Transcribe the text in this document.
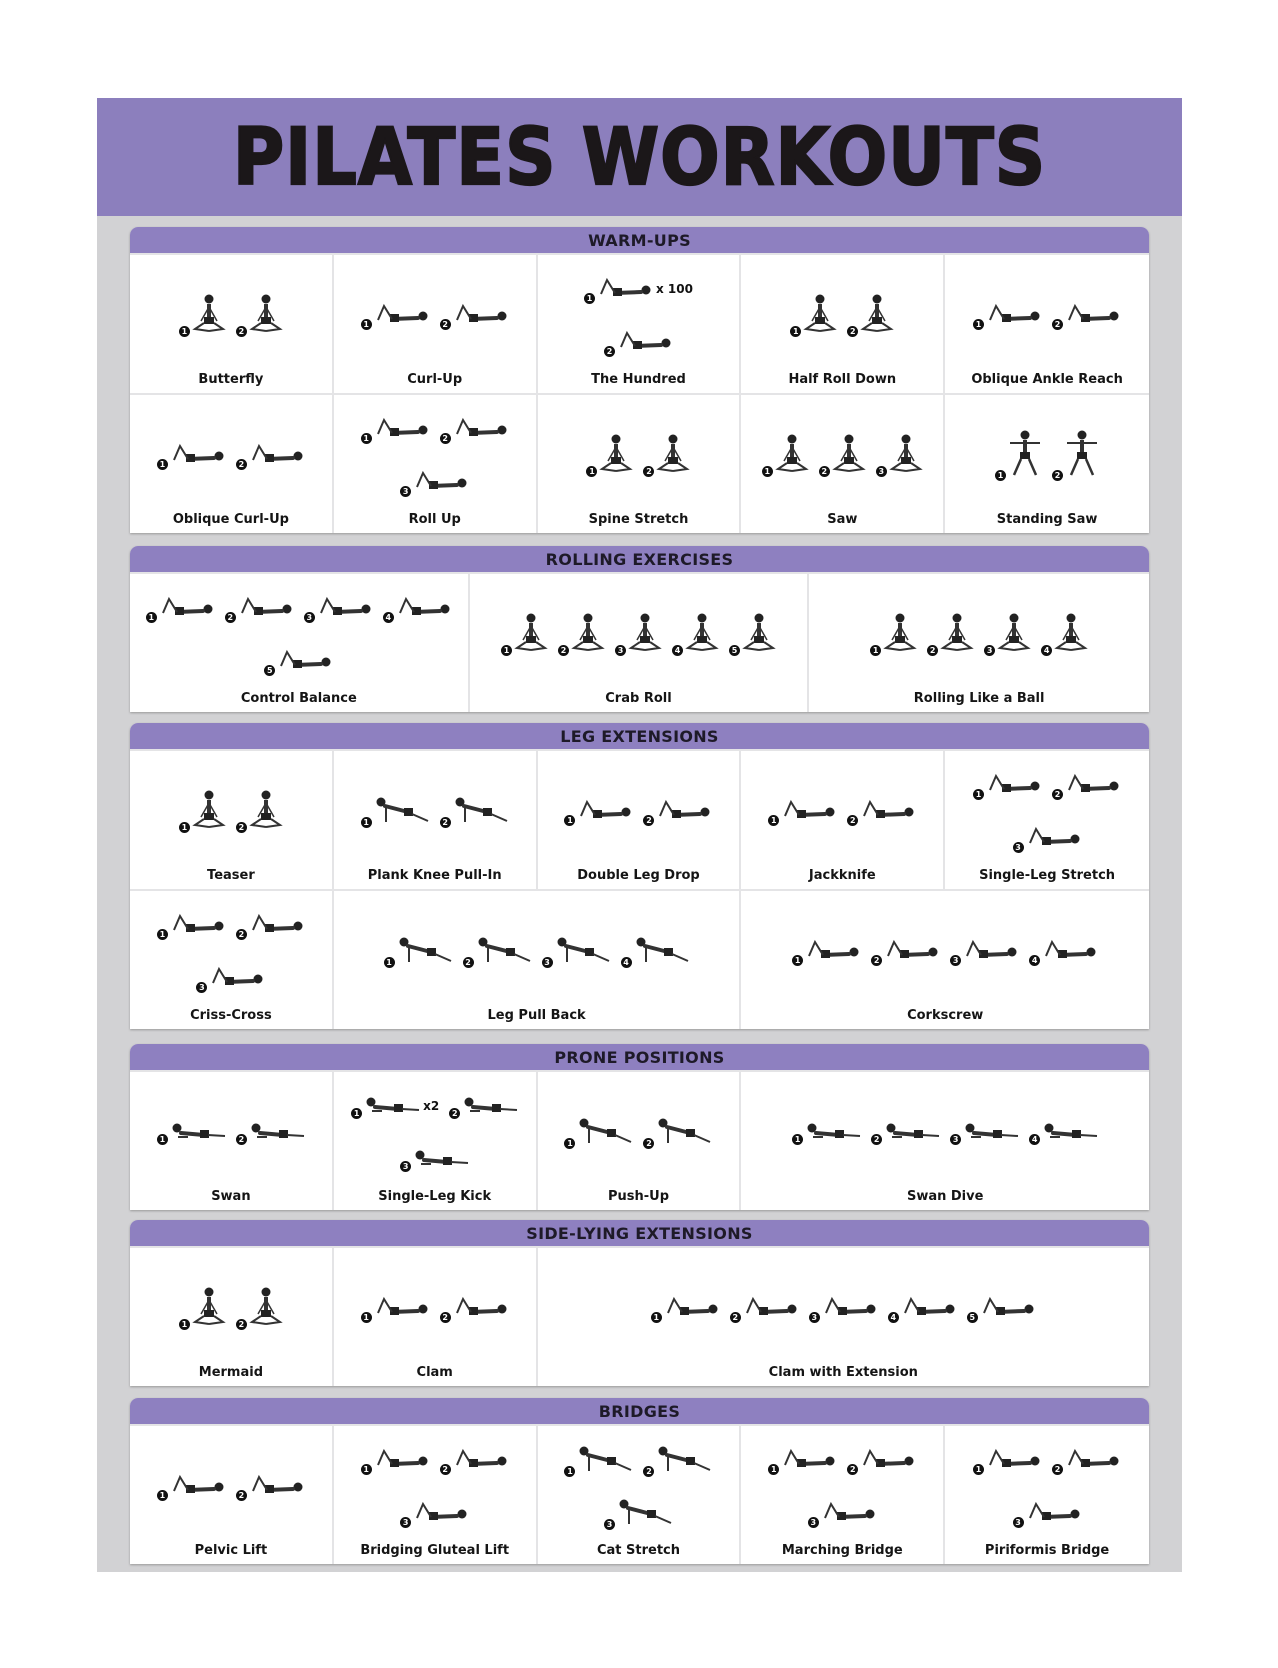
PILATES WORKOUTS
WARM-UPS
1	2
Butterfly
1	2
Curl-Up
1
x 100
2
The Hundred
1	2
Half Roll Down
1	2
Oblique Ankle Reach
1	2
Oblique Curl-Up
1	2
3
Roll Up
1	2
Spine Stretch
1	2	3
Saw
1	2
Standing Saw
ROLLING EXERCISES
1	2	3	4
5
Control Balance
1	2	3	4	5
Crab Roll
1	2	3	4
Rolling Like a Ball
LEG EXTENSIONS
1	2
Teaser
1	2
Plank Knee Pull-In
1	2
Double Leg Drop
1	2
Jackknife
1	2
3
Single-Leg Stretch
1	2
3
Criss-Cross
1	2	3	4
Leg Pull Back
1	2	3	4
Corkscrew
PRONE POSITIONS
1	2
Swan
1
x2
2
3
Single-Leg Kick
1	2
Push-Up
1	2	3	4
Swan Dive
SIDE-LYING EXTENSIONS
1	2
Mermaid
1	2
Clam
1	2	3	4	5
Clam with Extension
BRIDGES
1	2
Pelvic Lift
1	2
3
Bridging Gluteal Lift
1	2
3
Cat Stretch
1	2
3
Marching Bridge
1	2
3
Piriformis Bridge
